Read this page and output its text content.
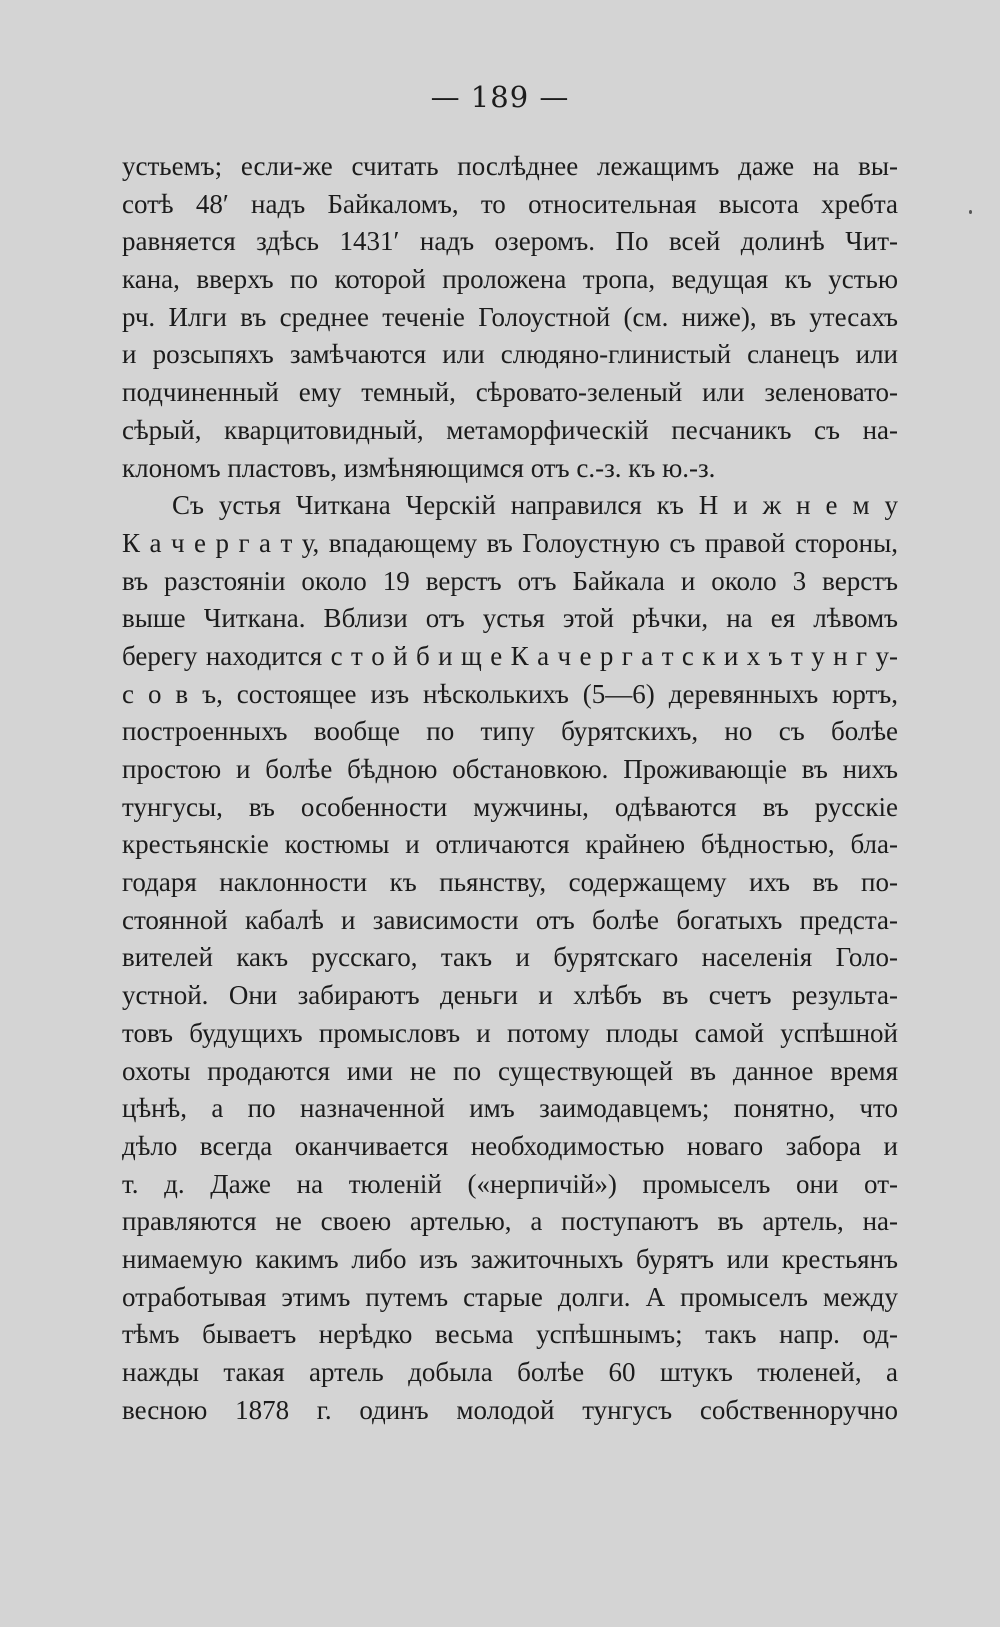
— 189 —
устьемъ; если-же считать послѣднее лежащимъ даже на вы-
сотѣ 48′ надъ Байкаломъ, то относительная высота хребта
равняется здѣсь 1431′ надъ озеромъ. По всей долинѣ Чит-
кана, вверхъ по которой проложена тропа, ведущая къ устью
рч. Илги въ среднее теченіе Голоустной (см. ниже), въ утесахъ
и розсыпяхъ замѣчаются или слюдяно-глинистый сланецъ или
подчиненный ему темный, сѣровато-зеленый или зеленовато-
сѣрый, кварцитовидный, метаморфическій песчаникъ съ на-
клономъ пластовъ, измѣняющимся отъ с.-з. къ ю.-з.
Съ устья Читкана Черскій направился къ Н и ж н е м у
К а ч е р г а т у, впадающему въ Голоустную съ правой стороны,
въ разстояніи около 19 верстъ отъ Байкала и около 3 верстъ
выше Читкана. Вблизи отъ устья этой рѣчки, на ея лѣвомъ
берегу находится с т о й б и щ е К а ч е р г а т с к и х ъ т у н г у-
с о в ъ, состоящее изъ нѣсколькихъ (5—6) деревянныхъ юртъ,
построенныхъ вообще по типу бурятскихъ, но съ болѣе
простою и болѣе бѣдною обстановкою. Проживающіе въ нихъ
тунгусы, въ особенности мужчины, одѣваются въ русскіе
крестьянскіе костюмы и отличаются крайнею бѣдностью, бла-
годаря наклонности къ пьянству, содержащему ихъ въ по-
стоянной кабалѣ и зависимости отъ болѣе богатыхъ предста-
вителей какъ русскаго, такъ и бурятскаго населенія Голо-
устной. Они забираютъ деньги и хлѣбъ въ счетъ результа-
товъ будущихъ промысловъ и потому плоды самой успѣшной
охоты продаются ими не по существующей въ данное время
цѣнѣ, а по назначенной имъ заимодавцемъ; понятно, что
дѣло всегда оканчивается необходимостью новаго забора и
т. д. Даже на тюленій («нерпичій») промыселъ они от-
правляются не своею артелью, а поступаютъ въ артель, на-
нимаемую какимъ либо изъ зажиточныхъ бурятъ или крестьянъ
отработывая этимъ путемъ старые долги. А промыселъ между
тѣмъ бываетъ нерѣдко весьма успѣшнымъ; такъ напр. од-
нажды такая артель добыла болѣе 60 штукъ тюленей, а
весною 1878 г. одинъ молодой тунгусъ собственноручно
